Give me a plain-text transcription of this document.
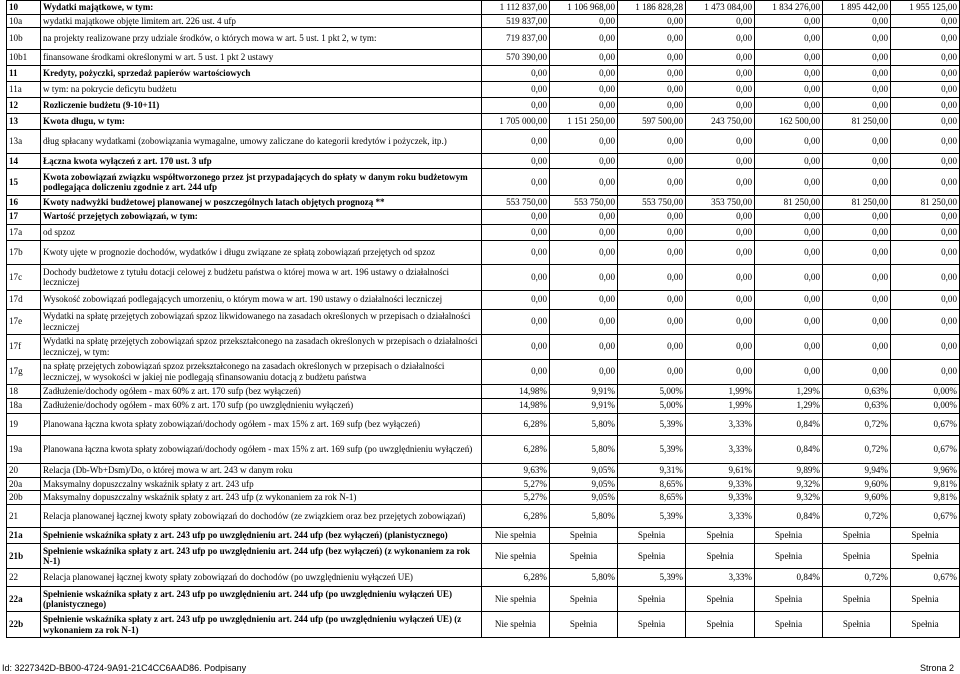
10	Wydatki majątkowe, w tym:	1 112 837,00	1 106 968,00	1 186 828,28	1 473 084,00	1 834 276,00	1 895 442,00	1 955 125,00
10a	wydatki majątkowe objęte limitem art. 226 ust. 4 ufp	519 837,00	0,00	0,00	0,00	0,00	0,00	0,00
10b	na projekty realizowane przy udziale środków, o których mowa w art. 5 ust. 1 pkt 2, w tym:	719 837,00	0,00	0,00	0,00	0,00	0,00	0,00
10b1	finansowane środkami określonymi w art. 5 ust. 1 pkt 2 ustawy	570 390,00	0,00	0,00	0,00	0,00	0,00	0,00
11	Kredyty, pożyczki, sprzedaż papierów wartościowych	0,00	0,00	0,00	0,00	0,00	0,00	0,00
11a	w tym: na pokrycie deficytu budżetu	0,00	0,00	0,00	0,00	0,00	0,00	0,00
12	Rozliczenie budżetu (9-10+11)	0,00	0,00	0,00	0,00	0,00	0,00	0,00
13	Kwota długu, w tym:	1 705 000,00	1 151 250,00	597 500,00	243 750,00	162 500,00	81 250,00	0,00
13a	dług spłacany wydatkami (zobowiązania wymagalne, umowy zaliczane do kategorii kredytów i pożyczek, itp.)	0,00	0,00	0,00	0,00	0,00	0,00	0,00
14	Łączna kwota wyłączeń z art. 170 ust. 3 ufp	0,00	0,00	0,00	0,00	0,00	0,00	0,00
15	Kwota zobowiązań związku współtworzonego przez jst przypadających do spłaty w danym roku budżetowym podlegająca doliczeniu zgodnie z art. 244 ufp	0,00	0,00	0,00	0,00	0,00	0,00	0,00
16	Kwoty nadwyżki budżetowej planowanej w poszczególnych latach objętych prognozą **	553 750,00	553 750,00	553 750,00	353 750,00	81 250,00	81 250,00	81 250,00
17	Wartość przejętych zobowiązań, w tym:	0,00	0,00	0,00	0,00	0,00	0,00	0,00
17a	od spzoz	0,00	0,00	0,00	0,00	0,00	0,00	0,00
17b	Kwoty ujęte w prognozie dochodów, wydatków i długu związane ze spłatą zobowiązań przejętych od spzoz	0,00	0,00	0,00	0,00	0,00	0,00	0,00
17c	Dochody budżetowe z tytułu dotacji celowej z budżetu państwa o której mowa w art. 196 ustawy o działalności leczniczej	0,00	0,00	0,00	0,00	0,00	0,00	0,00
17d	Wysokość zobowiązań podlegających umorzeniu, o którym mowa w art. 190 ustawy o działalności leczniczej	0,00	0,00	0,00	0,00	0,00	0,00	0,00
17e	Wydatki na spłatę przejętych zobowiązań spzoz likwidowanego na zasadach określonych w przepisach o działalności leczniczej	0,00	0,00	0,00	0,00	0,00	0,00	0,00
17f	Wydatki na spłatę przejętych zobowiązań spzoz przekształconego na zasadach określonych w przepisach o działalności leczniczej, w tym:	0,00	0,00	0,00	0,00	0,00	0,00	0,00
17g	na spłatę przejętych zobowiązań spzoz przekształconego na zasadach określonych w przepisach o działalności leczniczej, w wysokości w jakiej nie podlegają sfinansowaniu dotacją z budżetu państwa	0,00	0,00	0,00	0,00	0,00	0,00	0,00
18	Zadłużenie/dochody ogółem - max 60% z art. 170 sufp (bez wyłączeń)	14,98%	9,91%	5,00%	1,99%	1,29%	0,63%	0,00%
18a	Zadłużenie/dochody ogółem - max 60% z art. 170 sufp (po uwzględnieniu wyłączeń)	14,98%	9,91%	5,00%	1,99%	1,29%	0,63%	0,00%
19	Planowana łączna kwota spłaty zobowiązań/dochody ogółem - max 15% z art. 169 sufp (bez wyłączeń)	6,28%	5,80%	5,39%	3,33%	0,84%	0,72%	0,67%
19a	Planowana łączna kwota spłaty zobowiązań/dochody ogółem - max 15% z art. 169 sufp (po uwzględnieniu wyłączeń)	6,28%	5,80%	5,39%	3,33%	0,84%	0,72%	0,67%
20	Relacja (Db-Wb+Dsm)/Do, o której mowa w art. 243 w danym roku	9,63%	9,05%	9,31%	9,61%	9,89%	9,94%	9,96%
20a	Maksymalny dopuszczalny wskaźnik spłaty z art. 243 ufp	5,27%	9,05%	8,65%	9,33%	9,32%	9,60%	9,81%
20b	Maksymalny dopuszczalny wskaźnik spłaty z art. 243 ufp (z wykonaniem za rok N-1)	5,27%	9,05%	8,65%	9,33%	9,32%	9,60%	9,81%
21	Relacja planowanej łącznej kwoty spłaty zobowiązań do dochodów (ze związkiem oraz bez przejętych zobowiązań)	6,28%	5,80%	5,39%	3,33%	0,84%	0,72%	0,67%
21a	Spełnienie wskaźnika spłaty z art. 243 ufp po uwzględnieniu art. 244 ufp (bez wyłączeń) (planistycznego)	Nie spełnia	Spełnia	Spełnia	Spełnia	Spełnia	Spełnia	Spełnia
21b	Spełnienie wskaźnika spłaty z art. 243 ufp po uwzględnieniu art. 244 ufp (bez wyłączeń) (z wykonaniem za rok N-1)	Nie spełnia	Spełnia	Spełnia	Spełnia	Spełnia	Spełnia	Spełnia
22	Relacja planowanej łącznej kwoty spłaty zobowiązań do dochodów (po uwzględnieniu wyłączeń UE)	6,28%	5,80%	5,39%	3,33%	0,84%	0,72%	0,67%
22a	Spełnienie wskaźnika spłaty z art. 243 ufp po uwzględnieniu art. 244 ufp (po uwzględnieniu wyłączeń UE) (planistycznego)	Nie spełnia	Spełnia	Spełnia	Spełnia	Spełnia	Spełnia	Spełnia
22b	Spełnienie wskaźnika spłaty z art. 243 ufp po uwzględnieniu art. 244 ufp (po uwzględnieniu wyłączeń UE) (z wykonaniem za rok N-1)	Nie spełnia	Spełnia	Spełnia	Spełnia	Spełnia	Spełnia	Spełnia
Id: 3227342D-BB00-4724-9A91-21C4CC6AAD86. Podpisany	Strona 2
